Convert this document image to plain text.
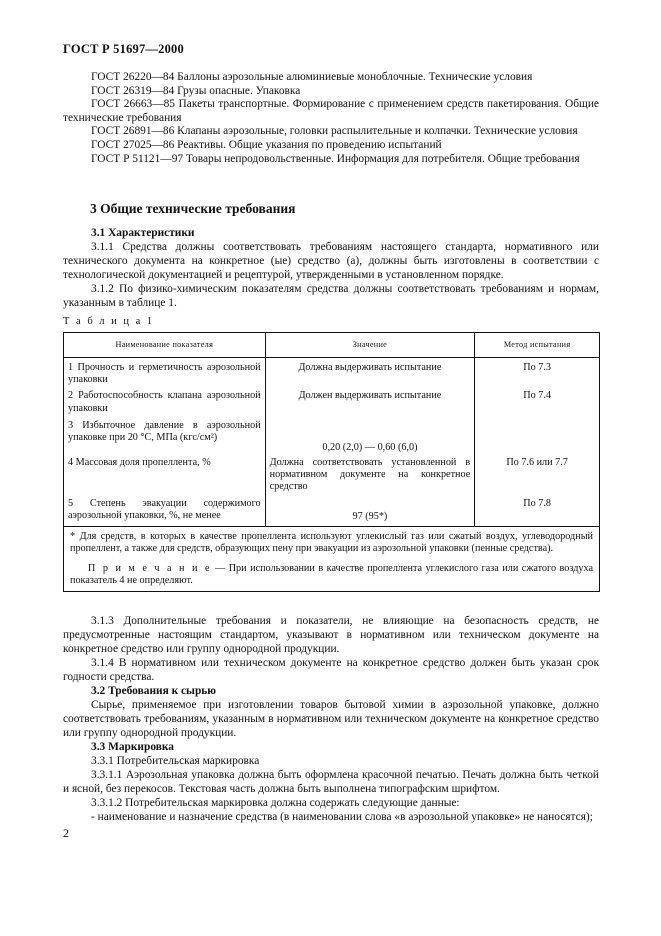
ГОСТ Р 51697—2000

ГОСТ 26220—84 Баллоны аэрозольные алюминиевые моноблочные. Технические условия

ГОСТ 26319—84 Грузы опасные. Упаковка

ГОСТ 26663—85 Пакеты транспортные. Формирование с применением средств пакетирования. Общие технические требования

ГОСТ 26891—86 Клапаны аэрозольные, головки распылительные и колпачки. Технические условия

ГОСТ 27025—86 Реактивы. Общие указания по проведению испытаний

ГОСТ Р 51121—97 Товары непродовольственные. Информация для потребителя. Общие требования

3 Общие технические требования

3.1 Характеристики

3.1.1 Средства должны соответствовать требованиям настоящего стандарта, нормативного или технического документа на конкретное (ые) средство (а), должны быть изготовлены в соответствии с технологической документацией и рецептурой, утвержденными в установленном порядке.

3.1.2 По физико-химическим показателям средства должны соответствовать требованиям и нормам, указанным в таблице 1.

Т а б л и ц а 1
Наименование показателя	Значение	Метод испытания
1 Прочность и герметичность аэрозольной упаковки	Должна выдерживать испытание	По 7.3
2 Работоспособность клапана аэрозольной упаковки	Должен выдерживать испытание	По 7.4
3 Избыточное давление в аэрозольной упаковке при 20 °С, МПа (кгс/см²)	0,20 (2,0) — 0,60 (6,0)	
4 Массовая доля пропеллента, %	Должна соответствовать установленной в нормативном документе на конкретное средство	По 7.6 или 7.7
5 Степень эвакуации содержимого аэрозольной упаковки, %, не менее	97 (95*)	По 7.8

* Для средств, в которых в качестве пропеллента используют углекислый газ или сжатый воздух, углеводородный пропеллент, а также для средств, образующих пену при эвакуации из аэрозольной упаковки (пенные средства).

П р и м е ч а н и е — При использовании в качестве пропеллента углекислого газа или сжатого воздуха показатель 4 не определяют.		

3.1.3 Дополнительные требования и показатели, не влияющие на безопасность средств, не предусмотренные настоящим стандартом, указывают в нормативном или техническом документе на конкретное средство или группу однородной продукции.

3.1.4 В нормативном или техническом документе на конкретное средство должен быть указан срок годности средства.

3.2 Требования к сырью

Сырье, применяемое при изготовлении товаров бытовой химии в аэрозольной упаковке, должно соответствовать требованиям, указанным в нормативном или техническом документе на конкретное средство или группу однородной продукции.

3.3 Маркировка

3.3.1 Потребительская маркировка

3.3.1.1 Аэрозольная упаковка должна быть оформлена красочной печатью. Печать должна быть четкой и ясной, без перекосов. Текстовая часть должна быть выполнена типографским шрифтом.

3.3.1.2 Потребительская маркировка должна содержать следующие данные:

- наименование и назначение средства (в наименовании слова «в аэрозольной упаковке» не наносятся);

2
